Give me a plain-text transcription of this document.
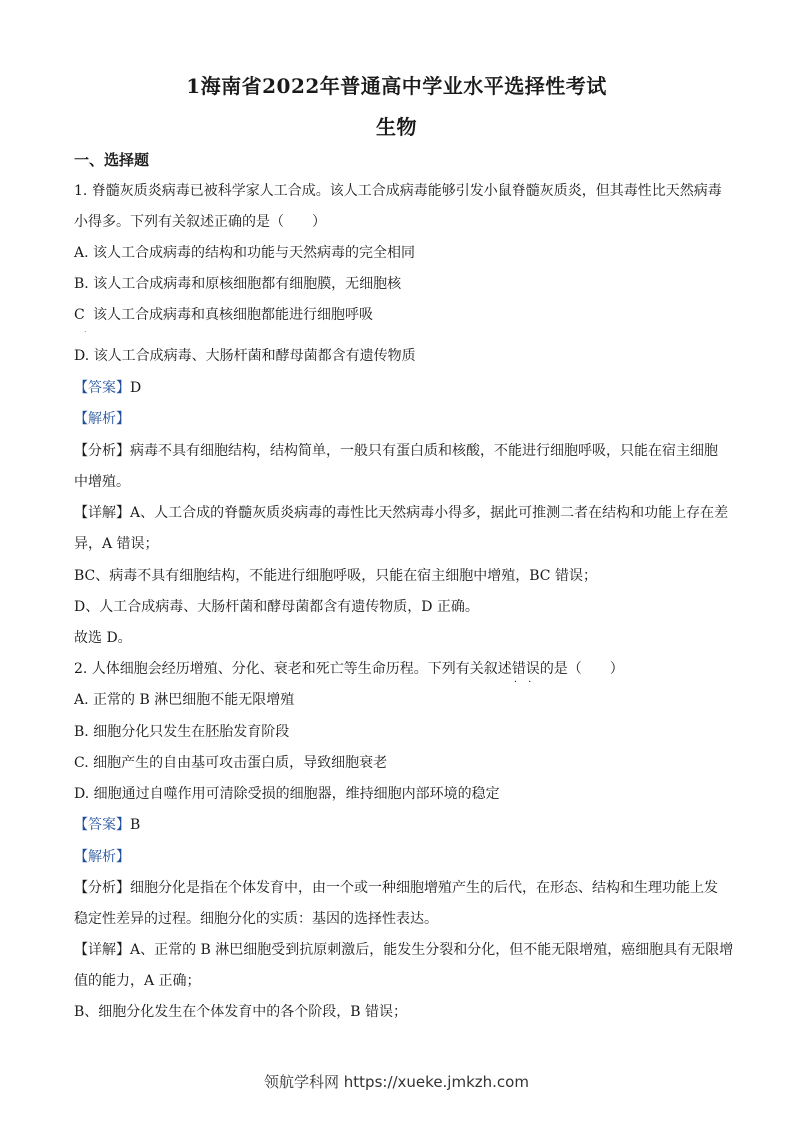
1海南省2022年普通高中学业水平选择性考试
生物
一、选择题
1. 脊髓灰质炎病毒已被科学家人工合成。该人工合成病毒能够引发小鼠脊髓灰质炎，但其毒性比天然病毒
小得多。下列有关叙述正确的是（　　）
A. 该人工合成病毒的结构和功能与天然病毒的完全相同
B. 该人工合成病毒和原核细胞都有细胞膜，无细胞核
C
.
该人工合成病毒和真核细胞都能进行细胞呼吸
D. 该人工合成病毒、大肠杆菌和酵母菌都含有遗传物质
【答案】D
【解析】
【分析】病毒不具有细胞结构，结构简单，一般只有蛋白质和核酸，不能进行细胞呼吸，只能在宿主细胞
中增殖。
【详解】A、人工合成的脊髓灰质炎病毒的毒性比天然病毒小得多，据此可推测二者在结构和功能上存在差
异，A 错误；
BC、病毒不具有细胞结构，不能进行细胞呼吸，只能在宿主细胞中增殖，BC 错误；
D、人工合成病毒、大肠杆菌和酵母菌都含有遗传物质，D 正确。
故选 D。
2. 人体细胞会经历增殖、分化、衰老和死亡等生命历程。下列有关叙述错误 · ·的是（　　）
A. 正常的 B 淋巴细胞不能无限增殖
B. 细胞分化只发生在胚胎发育阶段
C. 细胞产生的自由基可攻击蛋白质，导致细胞衰老
D. 细胞通过自噬作用可清除受损的细胞器，维持细胞内部环境的稳定
【答案】B
【解析】
【分析】细胞分化是指在个体发育中，由一个或一种细胞增殖产生的后代，在形态、结构和生理功能上发
稳定性差异的过程。细胞分化的实质：基因的选择性表达。
【详解】A、正常的 B 淋巴细胞受到抗原刺激后，能发生分裂和分化，但不能无限增殖，癌细胞具有无限增
值的能力，A 正确；
B、细胞分化发生在个体发育中的各个阶段，B 错误；
领航学科网 https://xueke.jmkzh.com
